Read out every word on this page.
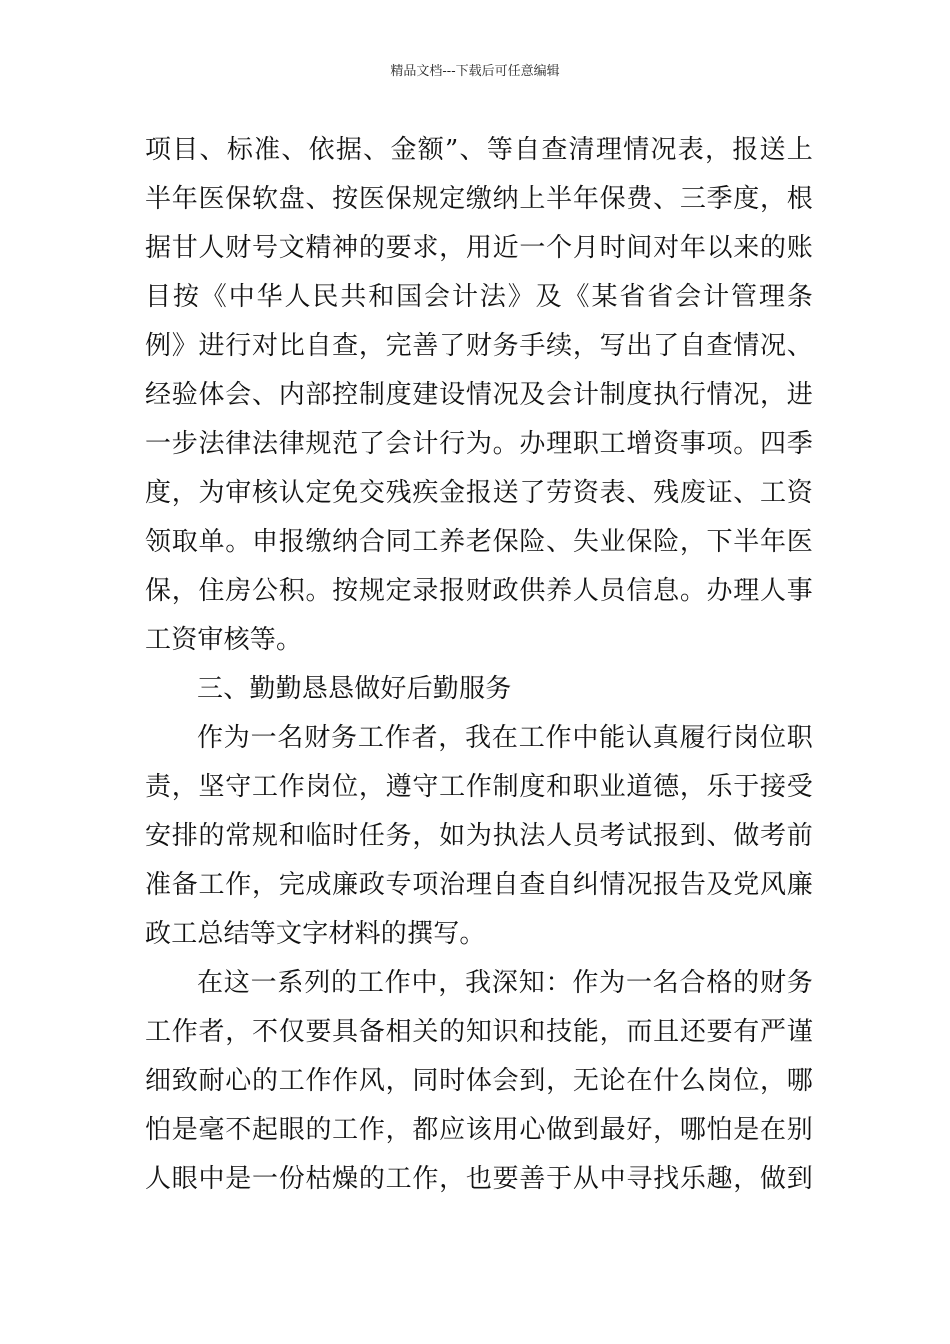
精品文档---下载后可任意编辑
项目、标准、依据、金额”、等自查清理情况表，报送上
半年医保软盘、按医保规定缴纳上半年保费、三季度，根
据甘人财号文精神的要求，用近一个月时间对年以来的账
目按《中华人民共和国会计法》及《某省省会计管理条
例》进行对比自查，完善了财务手续，写出了自查情况、
经验体会、内部控制度建设情况及会计制度执行情况，进
一步法律法律规范了会计行为。办理职工增资事项。四季
度，为审核认定免交残疾金报送了劳资表、残废证、工资
领取单。申报缴纳合同工养老保险、失业保险，下半年医
保，住房公积。按规定录报财政供养人员信息。办理人事
工资审核等。
三、勤勤恳恳做好后勤服务
作为一名财务工作者，我在工作中能认真履行岗位职
责，坚守工作岗位，遵守工作制度和职业道德，乐于接受
安排的常规和临时任务，如为执法人员考试报到、做考前
准备工作，完成廉政专项治理自查自纠情况报告及党风廉
政工总结等文字材料的撰写。
在这一系列的工作中，我深知：作为一名合格的财务
工作者，不仅要具备相关的知识和技能，而且还要有严谨
细致耐心的工作作风，同时体会到，无论在什么岗位，哪
怕是毫不起眼的工作，都应该用心做到最好，哪怕是在别
人眼中是一份枯燥的工作，也要善于从中寻找乐趣，做到
